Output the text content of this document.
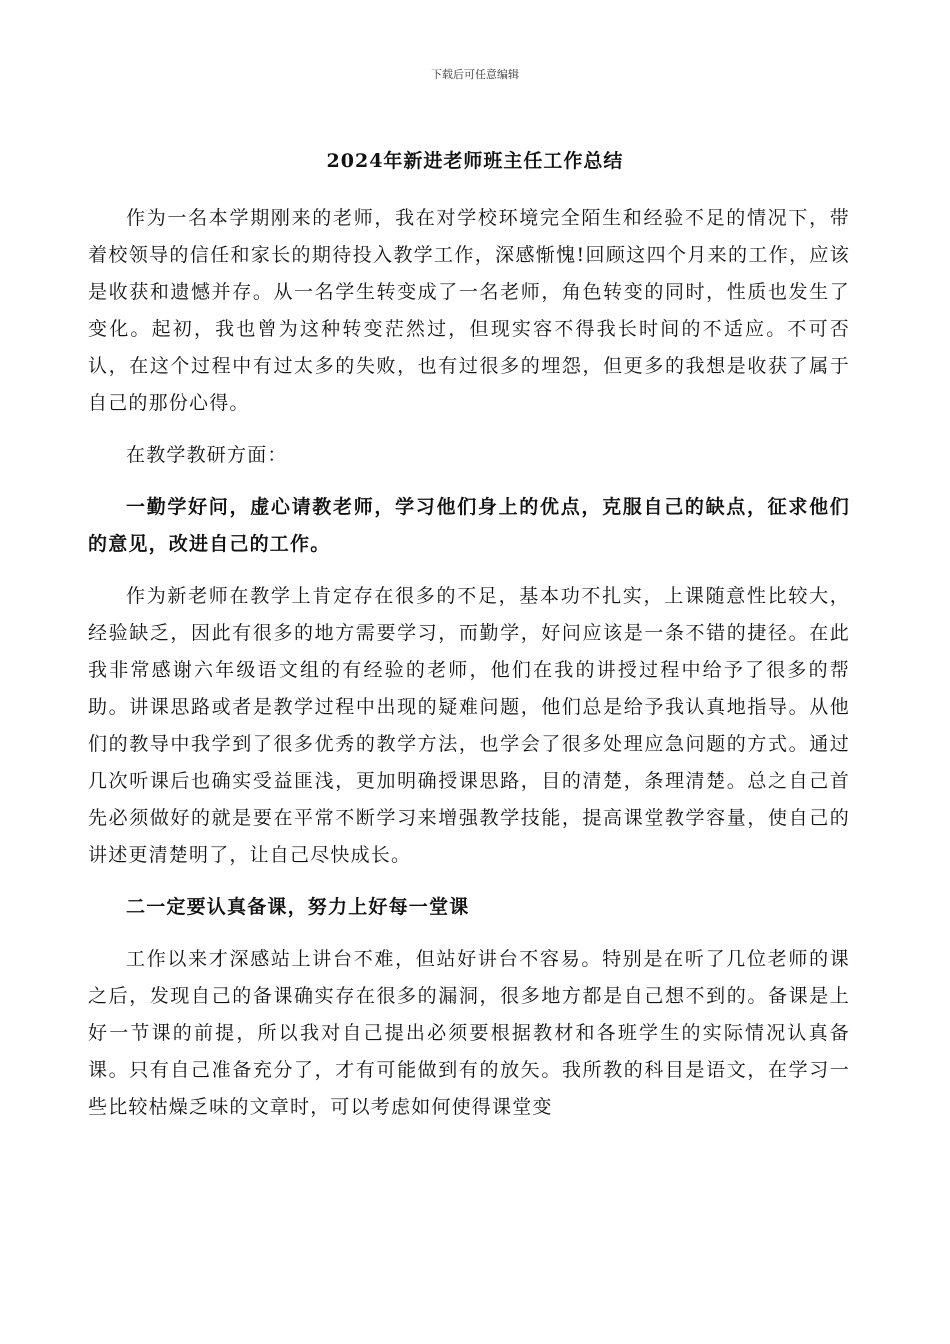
下载后可任意编辑
2024年新进老师班主任工作总结

作为一名本学期刚来的老师，我在对学校环境完全陌生和经验不足的情况下，带着校领导的信任和家长的期待投入教学工作，深感惭愧!回顾这四个月来的工作，应该是收获和遗憾并存。从一名学生转变成了一名老师，角色转变的同时，性质也发生了变化。起初，我也曾为这种转变茫然过，但现实容不得我长时间的不适应。不可否认，在这个过程中有过太多的失败，也有过很多的埋怨，但更多的我想是收获了属于自己的那份心得。

在教学教研方面：

一勤学好问，虚心请教老师，学习他们身上的优点，克服自己的缺点，征求他们的意见，改进自己的工作。

作为新老师在教学上肯定存在很多的不足，基本功不扎实，上课随意性比较大，经验缺乏，因此有很多的地方需要学习，而勤学，好问应该是一条不错的捷径。在此我非常感谢六年级语文组的有经验的老师，他们在我的讲授过程中给予了很多的帮助。讲课思路或者是教学过程中出现的疑难问题，他们总是给予我认真地指导。从他们的教导中我学到了很多优秀的教学方法，也学会了很多处理应急问题的方式。通过几次听课后也确实受益匪浅，更加明确授课思路，目的清楚，条理清楚。总之自己首先必须做好的就是要在平常不断学习来增强教学技能，提高课堂教学容量，使自己的讲述更清楚明了，让自己尽快成长。

二一定要认真备课，努力上好每一堂课

工作以来才深感站上讲台不难，但站好讲台不容易。特别是在听了几位老师的课之后，发现自己的备课确实存在很多的漏洞，很多地方都是自己想不到的。备课是上好一节课的前提，所以我对自己提出必须要根据教材和各班学生的实际情况认真备课。只有自己准备充分了，才有可能做到有的放矢。我所教的科目是语文，在学习一些比较枯燥乏味的文章时，可以考虑如何使得课堂变
